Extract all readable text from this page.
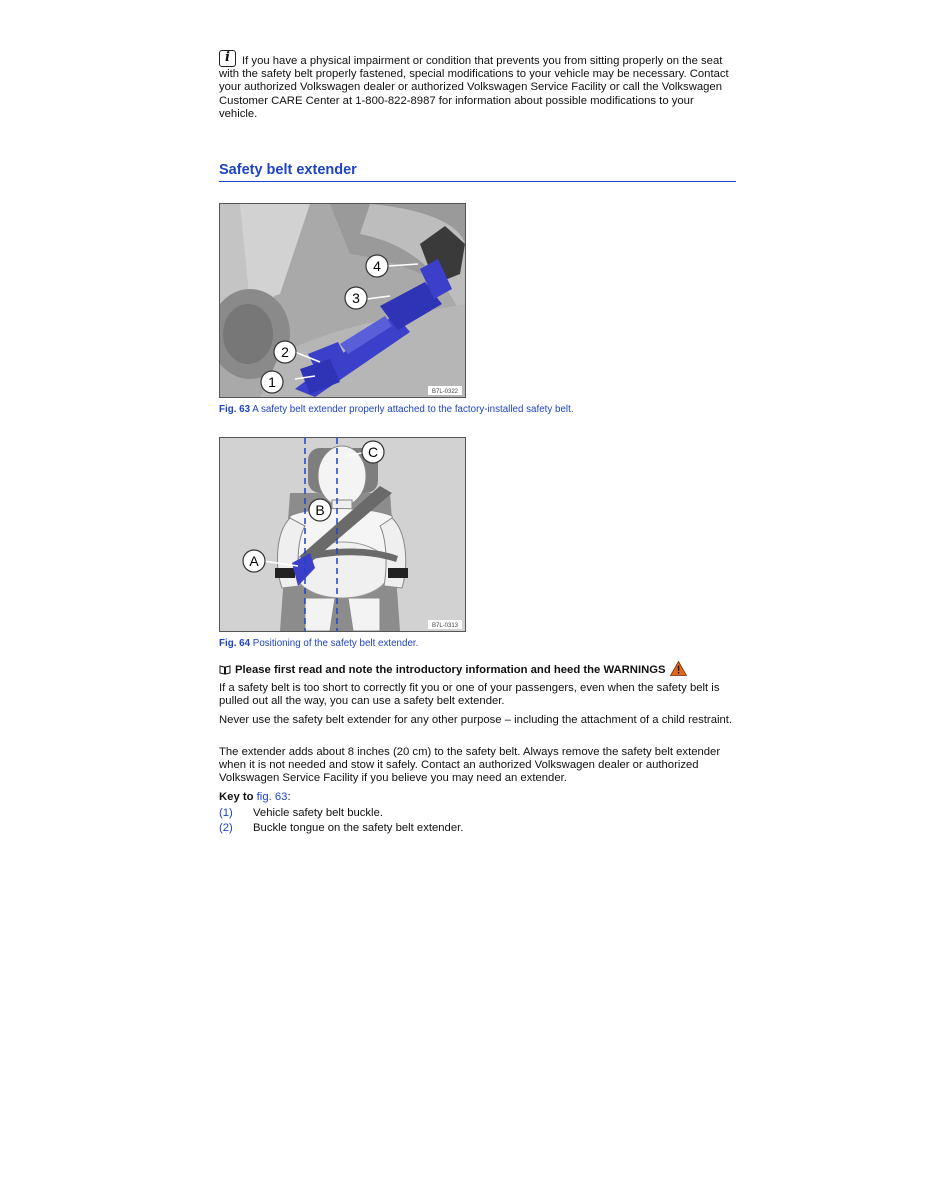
i	If you have a physical impairment or condition that prevents you from sitting properly on the seat with the safety belt properly fastened, special modifications to your vehicle may be necessary. Contact your authorized Volkswagen dealer or authorized Volkswagen Service Facility or call the Volkswagen Customer CARE Center at 1-800-822-8987 for information about possible modifications to your vehicle.

Safety belt extender
1
2
3
4
B7L-0322
Fig. 63 A safety belt extender properly attached to the factory-installed safety belt.
A
B
C
B7L-0313
Fig. 64 Positioning of the safety belt extender.
Please first read and note the introductory information and heed the WARNINGS

If a safety belt is too short to correctly fit you or one of your passengers, even when the safety belt is pulled out all the way, you can use a safety belt extender.

Never use the safety belt extender for any other purpose – including the attachment of a child restraint.

The extender adds about 8 inches (20 cm) to the safety belt. Always remove the safety belt extender when it is not needed and stow it safely. Contact an authorized Volkswagen dealer or authorized Volkswagen Service Facility if you believe you may need an extender.

Key to fig. 63:
(1) Vehicle safety belt buckle.
(2) Buckle tongue on the safety belt extender.
